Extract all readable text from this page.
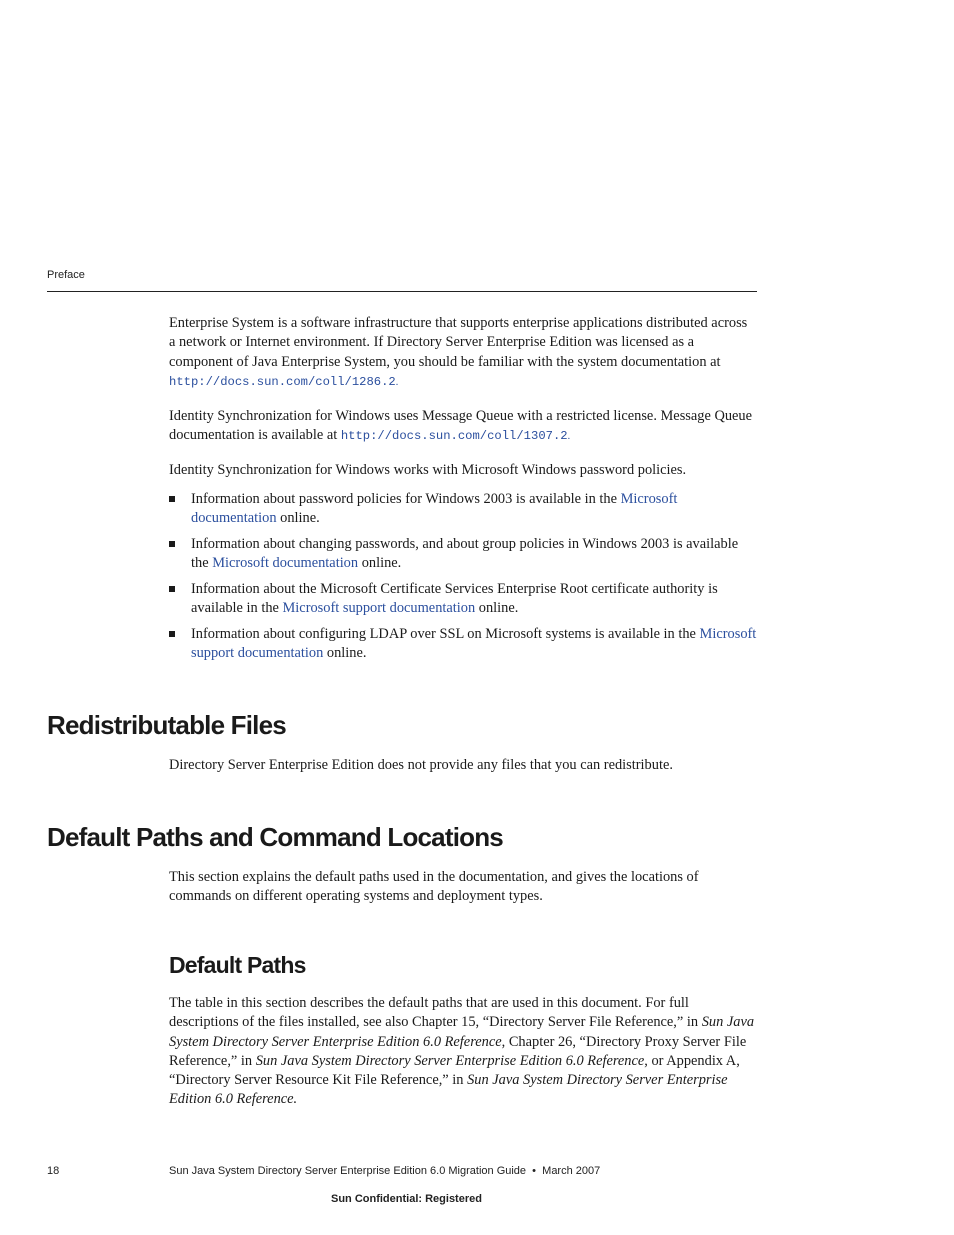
Preface

Enterprise System is a software infrastructure that supports enterprise applications distributed across a network or Internet environment. If Directory Server Enterprise Edition was licensed as a component of Java Enterprise System, you should be familiar with the system documentation at http://docs.sun.com/coll/1286.2.

Identity Synchronization for Windows uses Message Queue with a restricted license. Message Queue documentation is available at http://docs.sun.com/coll/1307.2.

Identity Synchronization for Windows works with Microsoft Windows password policies.

Information about password policies for Windows 2003 is available in the Microsoft documentation online.
Information about changing passwords, and about group policies in Windows 2003 is available the Microsoft documentation online.
Information about the Microsoft Certificate Services Enterprise Root certificate authority is available in the Microsoft support documentation online.
Information about configuring LDAP over SSL on Microsoft systems is available in the Microsoft support documentation online.
Redistributable Files

Directory Server Enterprise Edition does not provide any files that you can redistribute.

Default Paths and Command Locations

This section explains the default paths used in the documentation, and gives the locations of commands on different operating systems and deployment types.

Default Paths

The table in this section describes the default paths that are used in this document. For full descriptions of the files installed, see also Chapter 15, “Directory Server File Reference,” in Sun Java System Directory Server Enterprise Edition 6.0 Reference, Chapter 26, “Directory Proxy Server File Reference,” in Sun Java System Directory Server Enterprise Edition 6.0 Reference, or Appendix A, “Directory Server Resource Kit File Reference,” in Sun Java System Directory Server Enterprise Edition 6.0 Reference.

18	Sun Java System Directory Server Enterprise Edition 6.0 Migration Guide • March 2007
Sun Confidential: Registered
